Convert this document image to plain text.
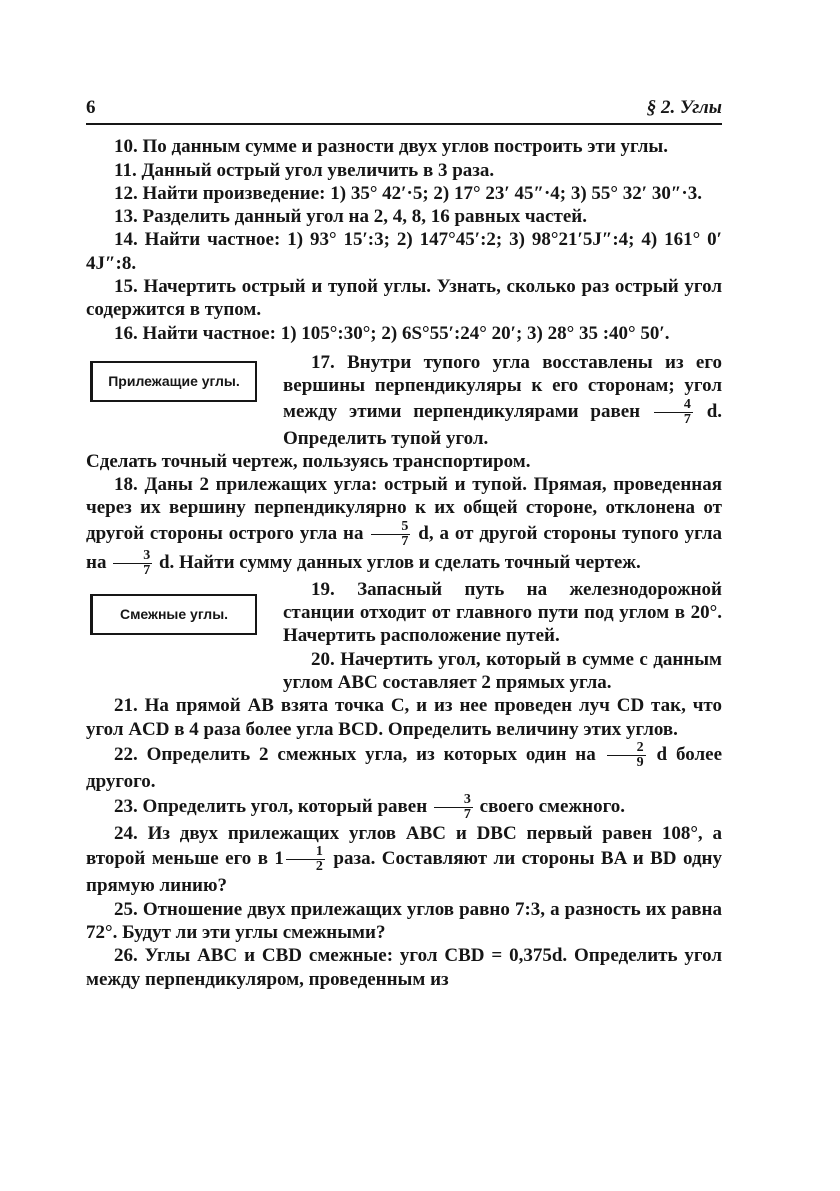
6	§ 2. Углы

10. По данным сумме и разности двух углов построить эти углы.

11. Данный острый угол увеличить в 3 раза.

12. Найти произведение: 1) 35° 42′·5; 2) 17° 23′ 45″·4; 3) 55° 32′ 30″·3.

13. Разделить данный угол на 2, 4, 8, 16 равных частей.

14. Найти частное: 1) 93° 15′:3; 2) 147°45′:2; 3) 98°21′5J″:4; 4) 161° 0′ 4J″:8.

15. Начертить острый и тупой углы. Узнать, сколько раз острый угол содержится в тупом.

16. Найти частное: 1) 105°:30°; 2) 6S°55′:24° 20′; 3) 28° 35 :40° 50′.

Прилежащие углы.

17. Внутри тупого угла восставлены из его вершины перпендикуляры к его сторонам; угол между этими перпендикулярами равен $\frac{4}{7} d$. Определить тупой угол.

Сделать точный чертеж, пользуясь транспортиром.

18. Даны 2 прилежащих угла: острый и тупой. Прямая, проведенная через их вершину перпендикулярно к их общей стороне, отклонена от другой стороны острого угла на $\frac{5}{7} d$, а от другой стороны тупого угла на $\frac{3}{7} d$. Найти сумму данных углов и сделать точный чертеж.

Смежные углы.

19. Запасный путь на железнодорожной станции отходит от главного пути под углом в 20°. Начертить расположение путей.

20. Начертить угол, который в сумме с данным углом ABC составляет 2 прямых угла.

21. На прямой AB взята точка C, и из нее проведен луч CD так, что угол ACD в 4 раза более угла BCD. Определить величину этих углов.

22. Определить 2 смежных угла, из которых один на $\frac{2}{9}$ d более другого.

23. Определить угол, который равен $\frac{3}{7}$ своего смежного.

24. Из двух прилежащих углов ABC и DBC первый равен 108°, а второй меньше его в $1 \frac{1}{2}$ раза. Составляют ли стороны BA и BD одну прямую линию?

25. Отношение двух прилежащих углов равно 7:3, а разность их равна 72°. Будут ли эти углы смежными?

26. Углы ABC и CBD смежные: угол CBD = 0,375d. Определить угол между перпендикуляром, проведенным из
